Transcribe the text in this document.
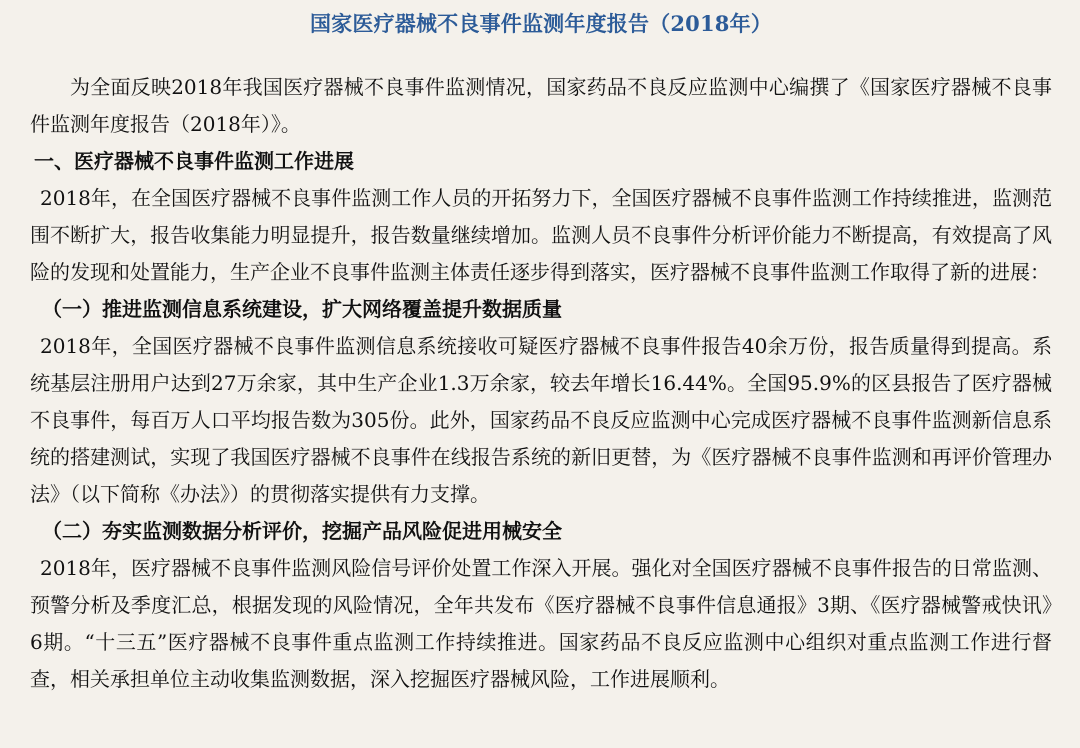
国家医疗器械不良事件监测年度报告（2018年）

为全面反映2018年我国医疗器械不良事件监测情况，国家药品不良反应监测中心编撰了《国家医疗器械不良事件监测年度报告（2018年）》。

一、医疗器械不良事件监测工作进展

2018年，在全国医疗器械不良事件监测工作人员的开拓努力下，全国医疗器械不良事件监测工作持续推进，监测范围不断扩大，报告收集能力明显提升，报告数量继续增加。监测人员不良事件分析评价能力不断提高，有效提高了风险的发现和处置能力，生产企业不良事件监测主体责任逐步得到落实，医疗器械不良事件监测工作取得了新的进展：

（一）推进监测信息系统建设，扩大网络覆盖提升数据质量

2018年，全国医疗器械不良事件监测信息系统接收可疑医疗器械不良事件报告40余万份，报告质量得到提高。系统基层注册用户达到27万余家，其中生产企业1.3万余家，较去年增长16.44%。全国95.9%的区县报告了医疗器械不良事件，每百万人口平均报告数为305份。此外，国家药品不良反应监测中心完成医疗器械不良事件监测新信息系统的搭建测试，实现了我国医疗器械不良事件在线报告系统的新旧更替，为《医疗器械不良事件监测和再评价管理办法》（以下简称《办法》）的贯彻落实提供有力支撑。

（二）夯实监测数据分析评价，挖掘产品风险促进用械安全

2018年，医疗器械不良事件监测风险信号评价处置工作深入开展。强化对全国医疗器械不良事件报告的日常监测、预警分析及季度汇总，根据发现的风险情况，全年共发布《医疗器械不良事件信息通报》3期、《医疗器械警戒快讯》6期。“十三五”医疗器械不良事件重点监测工作持续推进。国家药品不良反应监测中心组织对重点监测工作进行督查，相关承担单位主动收集监测数据，深入挖掘医疗器械风险，工作进展顺利。
